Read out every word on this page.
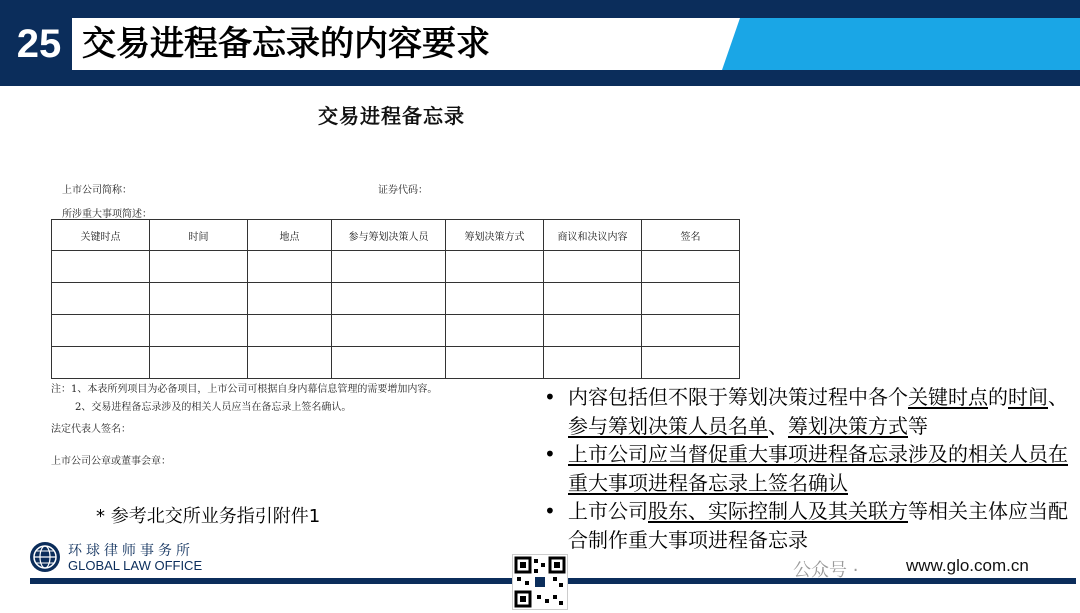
25 交易进程备忘录的内容要求
交易进程备忘录
上市公司简称：	证券代码：
所涉重大事项简述：
关键时点	时间	地点	参与筹划决策人员	筹划决策方式	商议和决议内容	签名

注：1、本表所列项目为必备项目，上市公司可根据自身内幕信息管理的需要增加内容。
2、交易进程备忘录涉及的相关人员应当在备忘录上签名确认。
法定代表人签名：
上市公司公章或董事会章：
* 参考北交所业务指引附件1
• 内容包括但不限于筹划决策过程中各个关键时点的时间、参与筹划决策人员名单、筹划决策方式等
• 上市公司应当督促重大事项进程备忘录涉及的相关人员在重大事项进程备忘录上签名确认
• 上市公司股东、实际控制人及其关联方等相关主体应当配合制作重大事项进程备忘录
环球律师事务所
GLOBAL LAW OFFICE	公众号 ·	www.glo.com.cn
